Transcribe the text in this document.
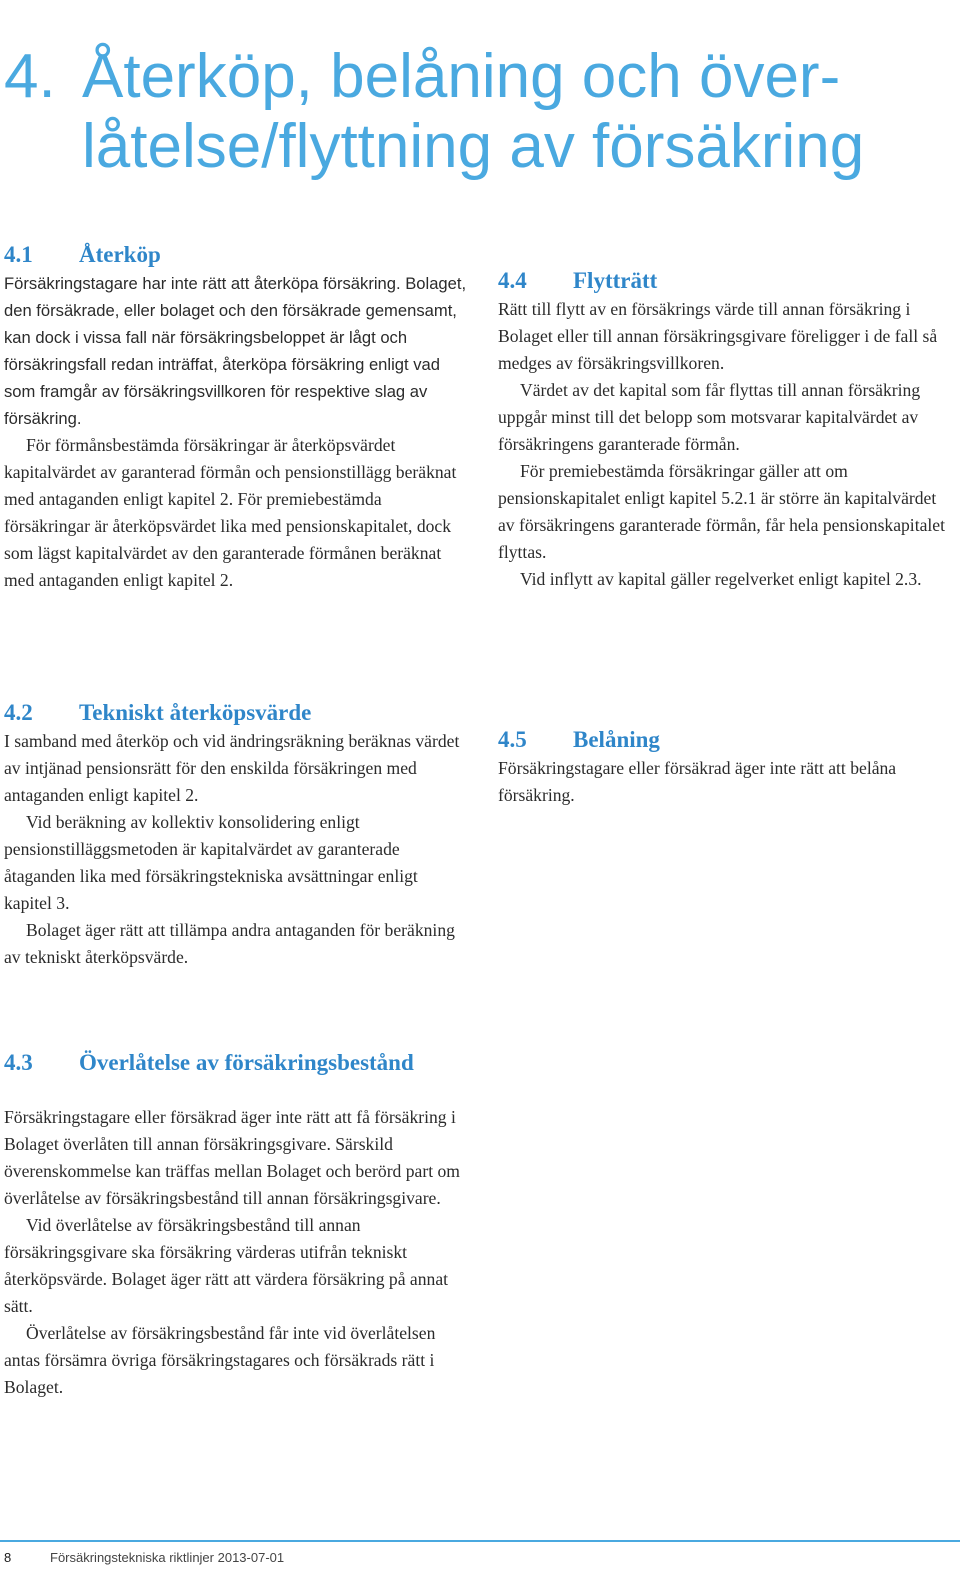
4. Återköp, belåning och över-
låtelse/flyttning av försäkring
4.1 Återköp

Försäkringstagare har inte rätt att återköpa försäkring. Bolaget, den försäkrade, eller bolaget och den försäkrade gemensamt, kan dock i vissa fall när försäkringsbeloppet är lågt och försäkringsfall redan inträffat, återköpa försäkring enligt vad som framgår av försäkringsvillkoren för respektive slag av försäkring.

För förmånsbestämda försäkringar är återköpsvärdet kapitalvärdet av garanterad förmån och pensionstillägg beräknat med antaganden enligt kapitel 2. För premiebestämda försäkringar är återköpsvärdet lika med pensionskapitalet, dock som lägst kapitalvärdet av den garanterade förmånen beräknat med antaganden enligt kapitel 2.

4.2 Tekniskt återköpsvärde

I samband med återköp och vid ändringsräkning beräknas värdet av intjänad pensionsrätt för den enskilda försäkringen med antaganden enligt kapitel 2.

Vid beräkning av kollektiv konsolidering enligt pensionstilläggsmetoden är kapitalvärdet av garanterade åtaganden lika med försäkringstekniska avsättningar enligt kapitel 3.

Bolaget äger rätt att tillämpa andra antaganden för beräkning av tekniskt återköpsvärde.

4.3 Överlåtelse av försäkringsbestånd

Försäkringstagare eller försäkrad äger inte rätt att få försäkring i Bolaget överlåten till annan försäkringsgivare. Särskild överenskommelse kan träffas mellan Bolaget och berörd part om överlåtelse av försäkringsbestånd till annan försäkringsgivare.

Vid överlåtelse av försäkringsbestånd till annan försäkringsgivare ska försäkring värderas utifrån tekniskt återköpsvärde. Bolaget äger rätt att värdera försäkring på annat sätt.

Överlåtelse av försäkringsbestånd får inte vid överlåtelsen antas försämra övriga försäkringstagares och försäkrads rätt i Bolaget.

4.4 Flytträtt

Rätt till flytt av en försäkrings värde till annan försäkring i Bolaget eller till annan försäkringsgivare föreligger i de fall så medges av försäkringsvillkoren.

Värdet av det kapital som får flyttas till annan försäkring uppgår minst till det belopp som motsvarar kapitalvärdet av försäkringens garanterade förmån.

För premiebestämda försäkringar gäller att om pensionskapitalet enligt kapitel 5.2.1 är större än kapitalvärdet av försäkringens garanterade förmån, får hela pensionskapitalet flyttas.

Vid inflytt av kapital gäller regelverket enligt kapitel 2.3.

4.5 Belåning

Försäkringstagare eller försäkrad äger inte rätt att belåna försäkring.

8	Försäkringstekniska riktlinjer 2013-07-01
